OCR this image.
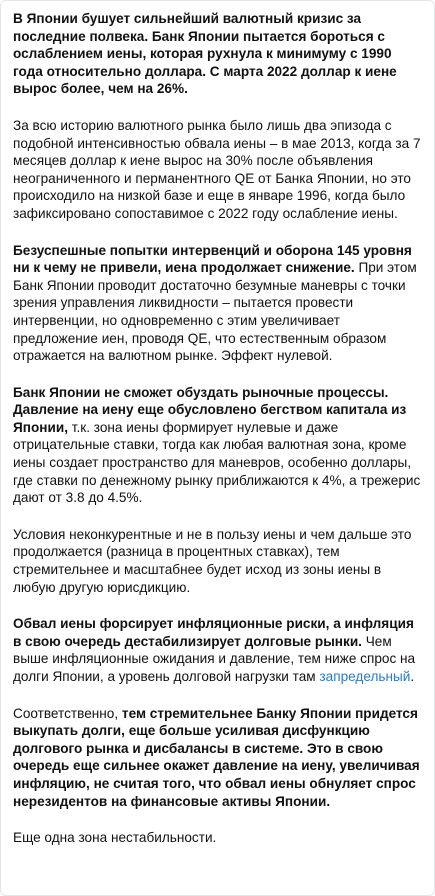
В Японии бушует сильнейший валютный кризис за последние полвека. Банк Японии пытается бороться с ослаблением иены, которая рухнула к минимуму с 1990 года относительно доллара. С марта 2022 доллар к иене вырос более, чем на 26%.

За всю историю валютного рынка было лишь два эпизода с подобной интенсивностью обвала иены – в мае 2013, когда за 7 месяцев доллар к иене вырос на 30% после объявления неограниченного и перманентного QE от Банка Японии, но это происходило на низкой базе и еще в январе 1996, когда было зафиксировано сопоставимое с 2022 году ослабление иены.

Безуспешные попытки интервенций и оборона 145 уровня ни к чему не привели, иена продолжает снижение. При этом Банк Японии проводит достаточно безумные маневры с точки зрения управления ликвидности – пытается провести интервенции, но одновременно с этим увеличивает предложение иен, проводя QE, что естественным образом отражается на валютном рынке. Эффект нулевой.

Банк Японии не сможет обуздать рыночные процессы. Давление на иену еще обусловлено бегством капитала из Японии, т.к. зона иены формирует нулевые и даже отрицательные ставки, тогда как любая валютная зона, кроме иены создает пространство для маневров, особенно доллары, где ставки по денежному рынку приближаются к 4%, а трежерис дают от 3.8 до 4.5%.

Условия неконкурентные и не в пользу иены и чем дальше это продолжается (разница в процентных ставках), тем стремительнее и масштабнее будет исход из зоны иены в любую другую юрисдикцию.

Обвал иены форсирует инфляционные риски, а инфляция в свою очередь дестабилизирует долговые рынки. Чем выше инфляционные ожидания и давление, тем ниже спрос на долги Японии, а уровень долговой нагрузки там запредельный.

Соответственно, тем стремительнее Банку Японии придется выкупать долги, еще больше усиливая дисфункцию долгового рынка и дисбалансы в системе. Это в свою очередь еще сильнее окажет давление на иену, увеличивая инфляцию, не считая того, что обвал иены обнуляет спрос нерезидентов на финансовые активы Японии.

Еще одна зона нестабильности.
